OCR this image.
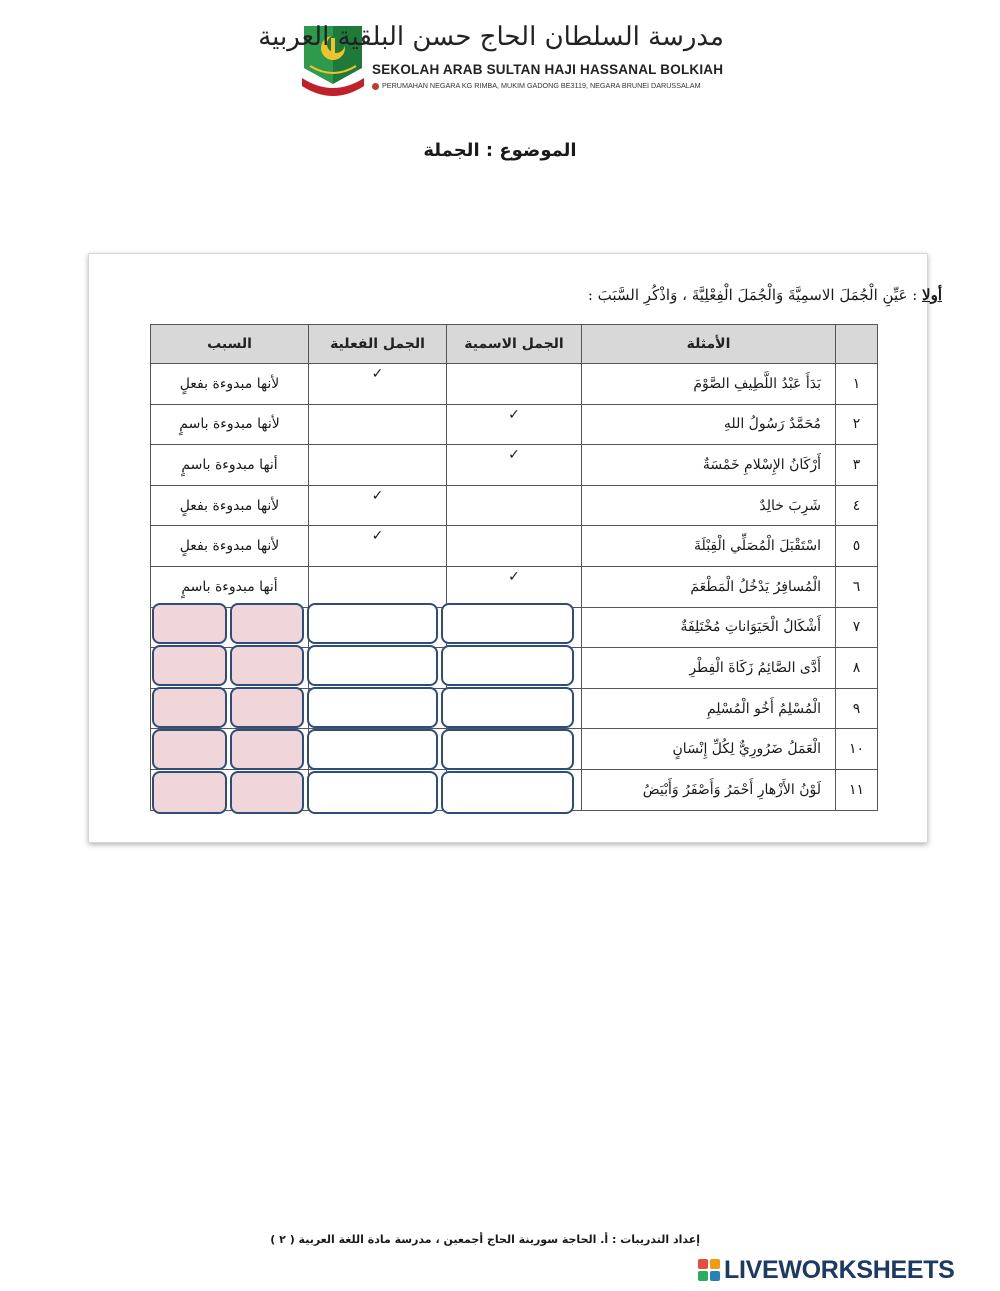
مدرسة السلطان الحاج حسن البلقية العربية
SEKOLAH ARAB SULTAN HAJI HASSANAL BOLKIAH
PERUMAHAN NEGARA KG RIMBA, MUKIM GADONG BE3119, NEGARA BRUNEI DARUSSALAM
الموضوع : الجملة
أولا : عَيِّنِ الْجُمَلَ الاسمِيَّةَ وَالْجُمَلَ الْفِعْلِيَّةَ ، وَاذْكُرِ السَّبَبَ :
	الأمثلة	الجمل الاسمية	الجمل الفعلية	السبب
١	بَدَأَ عَبْدُ اللَّطِيفِ الصَّوْمَ		✓	لأنها مبدوءة بفعلٍ
٢	مُحَمَّدٌ رَسُولُ اللهِ	✓		لأنها مبدوءة باسمٍ
٣	أَرْكَانُ الإِسْلامِ خَمْسَةٌ	✓		أنها مبدوءة باسمٍ
٤	شَرِبَ خالِدٌ		✓	لأنها مبدوءة بفعلٍ
٥	اسْتَقْبَلَ الْمُصَلِّي الْقِبْلَةَ		✓	لأنها مبدوءة بفعلٍ
٦	الْمُسافِرُ يَدْخُلُ الْمَطْعَمَ	✓		أنها مبدوءة باسمٍ
٧	أَشْكَالُ الْحَيَوَاناتِ مُخْتَلِفَةٌ			
٨	أَدَّى الصَّائِمُ زَكَاةَ الْفِطْرِ			
٩	الْمُسْلِمُ أَخُو الْمُسْلِمِ			
١٠	الْعَمَلُ ضَرُورِيٌّ لِكُلِّ إِنْسَانٍ			
١١	لَوْنُ الأَزْهارِ أَحْمَرُ وَأَصْفَرُ وَأَبْيَضُ			
إعداد التدريبات : أ. الحاجة سورينة الحاج أجمعين ، مدرسة مادة اللغة العربية ( ٢ )
LIVEWORKSHEETS
